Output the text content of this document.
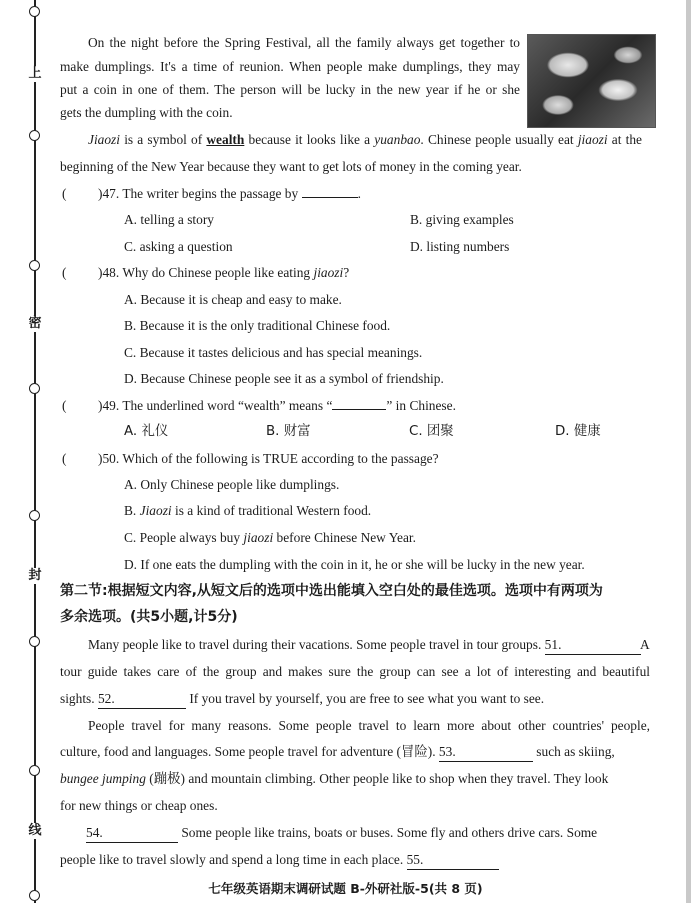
上
密
封
线
On the night before the Spring Festival, all the family always get together to
make dumplings. It's a time of reunion. When people make dumplings, they may
put a coin in one of them. The person will be lucky in the new year if he or she
gets the dumpling with the coin.
Jiaozi is a symbol of wealth because it looks like a yuanbao. Chinese people usually eat jiaozi at the
beginning of the New Year because they want to get lots of money in the coming year.
( )47. The writer begins the passage by	.
A. telling a story	B. giving examples
C. asking a question	D. listing numbers
( )48. Why do Chinese people like eating jiaozi?
A. Because it is cheap and easy to make.
B. Because it is the only traditional Chinese food.
C. Because it tastes delicious and has special meanings.
D. Because Chinese people see it as a symbol of friendship.
( )49. The underlined word “wealth” means “	” in Chinese.
A. 礼仪	B. 财富	C. 团聚	D. 健康
( )50. Which of the following is TRUE according to the passage?
A. Only Chinese people like dumplings.
B. Jiaozi is a kind of traditional Western food.
C. People always buy jiaozi before Chinese New Year.
D. If one eats the dumpling with the coin in it, he or she will be lucky in the new year.
第二节:根据短文内容,从短文后的选项中选出能填入空白处的最佳选项。选项中有两项为
多余选项。(共5小题,计5分)
Many people like to travel during their vacations. Some people travel in tour groups. 51.	A
tour guide takes care of the group and makes sure the group can see a lot of interesting and beautiful
sights. 52.	If you travel by yourself, you are free to see what you want to see.
People travel for many reasons. Some people travel to learn more about other countries' people,
culture, food and languages. Some people travel for adventure (冒险). 53.	such as skiing,
bungee jumping (蹦极) and mountain climbing. Other people like to shop when they travel. They look
for new things or cheap ones.
54.	Some people like trains, boats or buses. Some fly and others drive cars. Some
people like to travel slowly and spend a long time in each place. 55.
七年级英语期末调研试题 B-外研社版-5(共 8 页)
